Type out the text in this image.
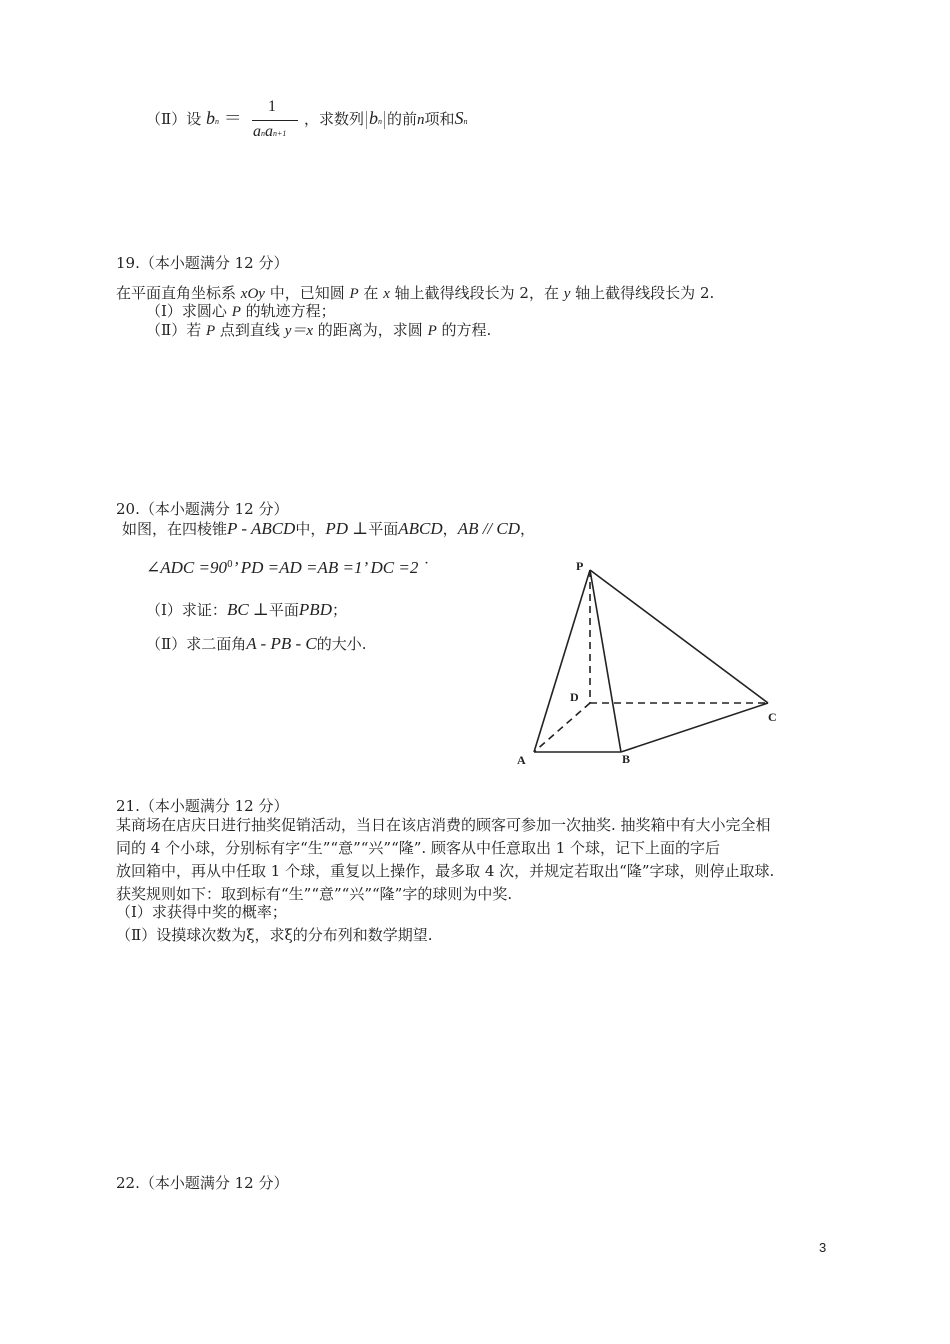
（Ⅱ）设 bn ＝
1
anan+1
，求数列 bn 的前n项和Sn
19.（本小题满分 12 分）
在平面直角坐标系 xOy 中，已知圆 P 在 x 轴上截得线段长为 2，在 y 轴上截得线段长为 2.
（Ⅰ）求圆心 P 的轨迹方程；
（Ⅱ）若 P 点到直线 y＝x 的距离为，求圆 P 的方程.
20.（本小题满分 12 分）
如图，在四棱锥P - ABCD中，PD ⊥平面ABCD，AB // CD，
∠ADC $=90^0$’ PD =AD =AB =1’ DC =2 ˙
（Ⅰ）求证：BC ⊥平面PBD；
（Ⅱ）求二面角A - PB - C的大小.
P
D
C
A	B
21.（本小题满分 12 分）
某商场在店庆日进行抽奖促销活动，当日在该店消费的顾客可参加一次抽奖. 抽奖箱中有大小完全相
同的 4 个小球，分别标有字“生”“意”“兴”“隆”. 顾客从中任意取出 1 个球，记下上面的字后
放回箱中，再从中任取 1 个球，重复以上操作，最多取 4 次，并规定若取出“隆”字球，则停止取球.
获奖规则如下：取到标有“生”“意”“兴”“隆”字的球则为中奖.
（Ⅰ）求获得中奖的概率；
（Ⅱ）设摸球次数为ξ，求ξ的分布列和数学期望.
22.（本小题满分 12 分）
3
